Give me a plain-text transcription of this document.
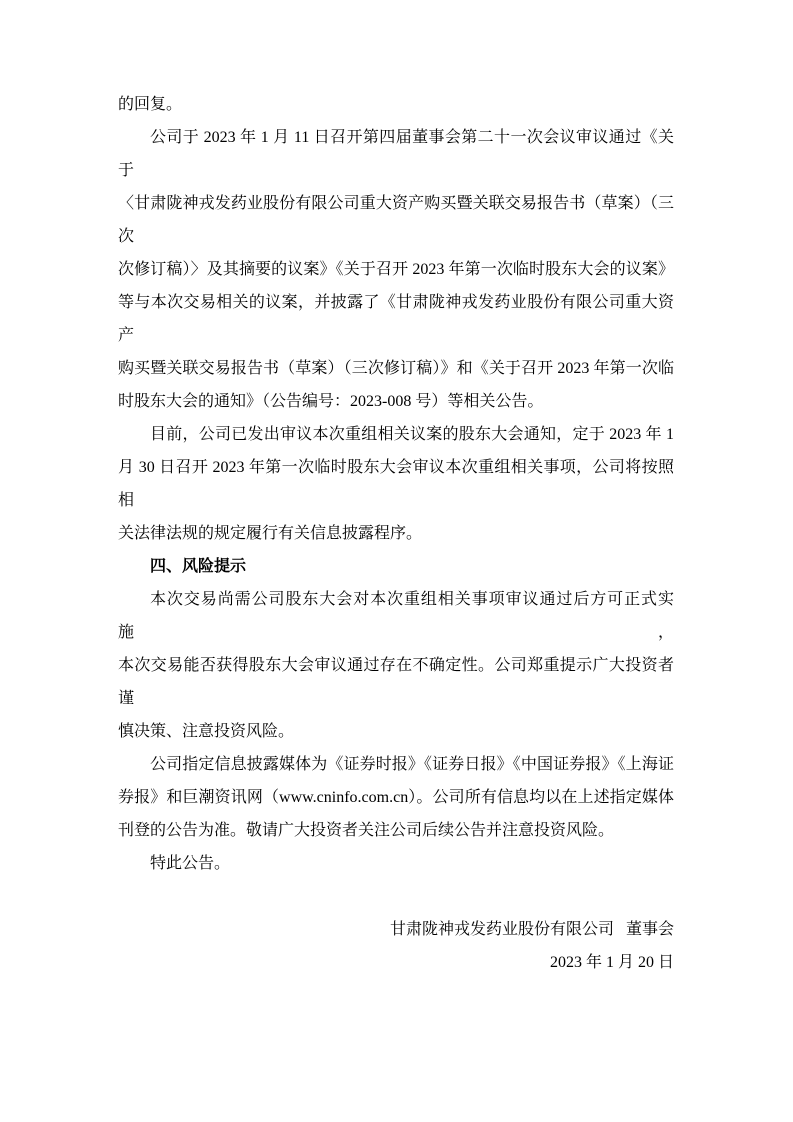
的回复。
公司于 2023 年 1 月 11 日召开第四届董事会第二十一次会议审议通过《关于
〈甘肃陇神戎发药业股份有限公司重大资产购买暨关联交易报告书（草案）（三次
次修订稿）〉及其摘要的议案》《关于召开 2023 年第一次临时股东大会的议案》
等与本次交易相关的议案，并披露了《甘肃陇神戎发药业股份有限公司重大资产
购买暨关联交易报告书（草案）（三次修订稿）》和《关于召开 2023 年第一次临
时股东大会的通知》（公告编号：2023-008 号）等相关公告。
目前，公司已发出审议本次重组相关议案的股东大会通知，定于 2023 年 1
月 30 日召开 2023 年第一次临时股东大会审议本次重组相关事项，公司将按照相
关法律法规的规定履行有关信息披露程序。
四、风险提示
本次交易尚需公司股东大会对本次重组相关事项审议通过后方可正式实施，
本次交易能否获得股东大会审议通过存在不确定性。公司郑重提示广大投资者谨
慎决策、注意投资风险。
公司指定信息披露媒体为《证券时报》《证券日报》《中国证券报》《上海证
券报》和巨潮资讯网（www.cninfo.com.cn）。公司所有信息均以在上述指定媒体
刊登的公告为准。敬请广大投资者关注公司后续公告并注意投资风险。
特此公告。
甘肃陇神戎发药业股份有限公司 董事会
2023 年 1 月 20 日
